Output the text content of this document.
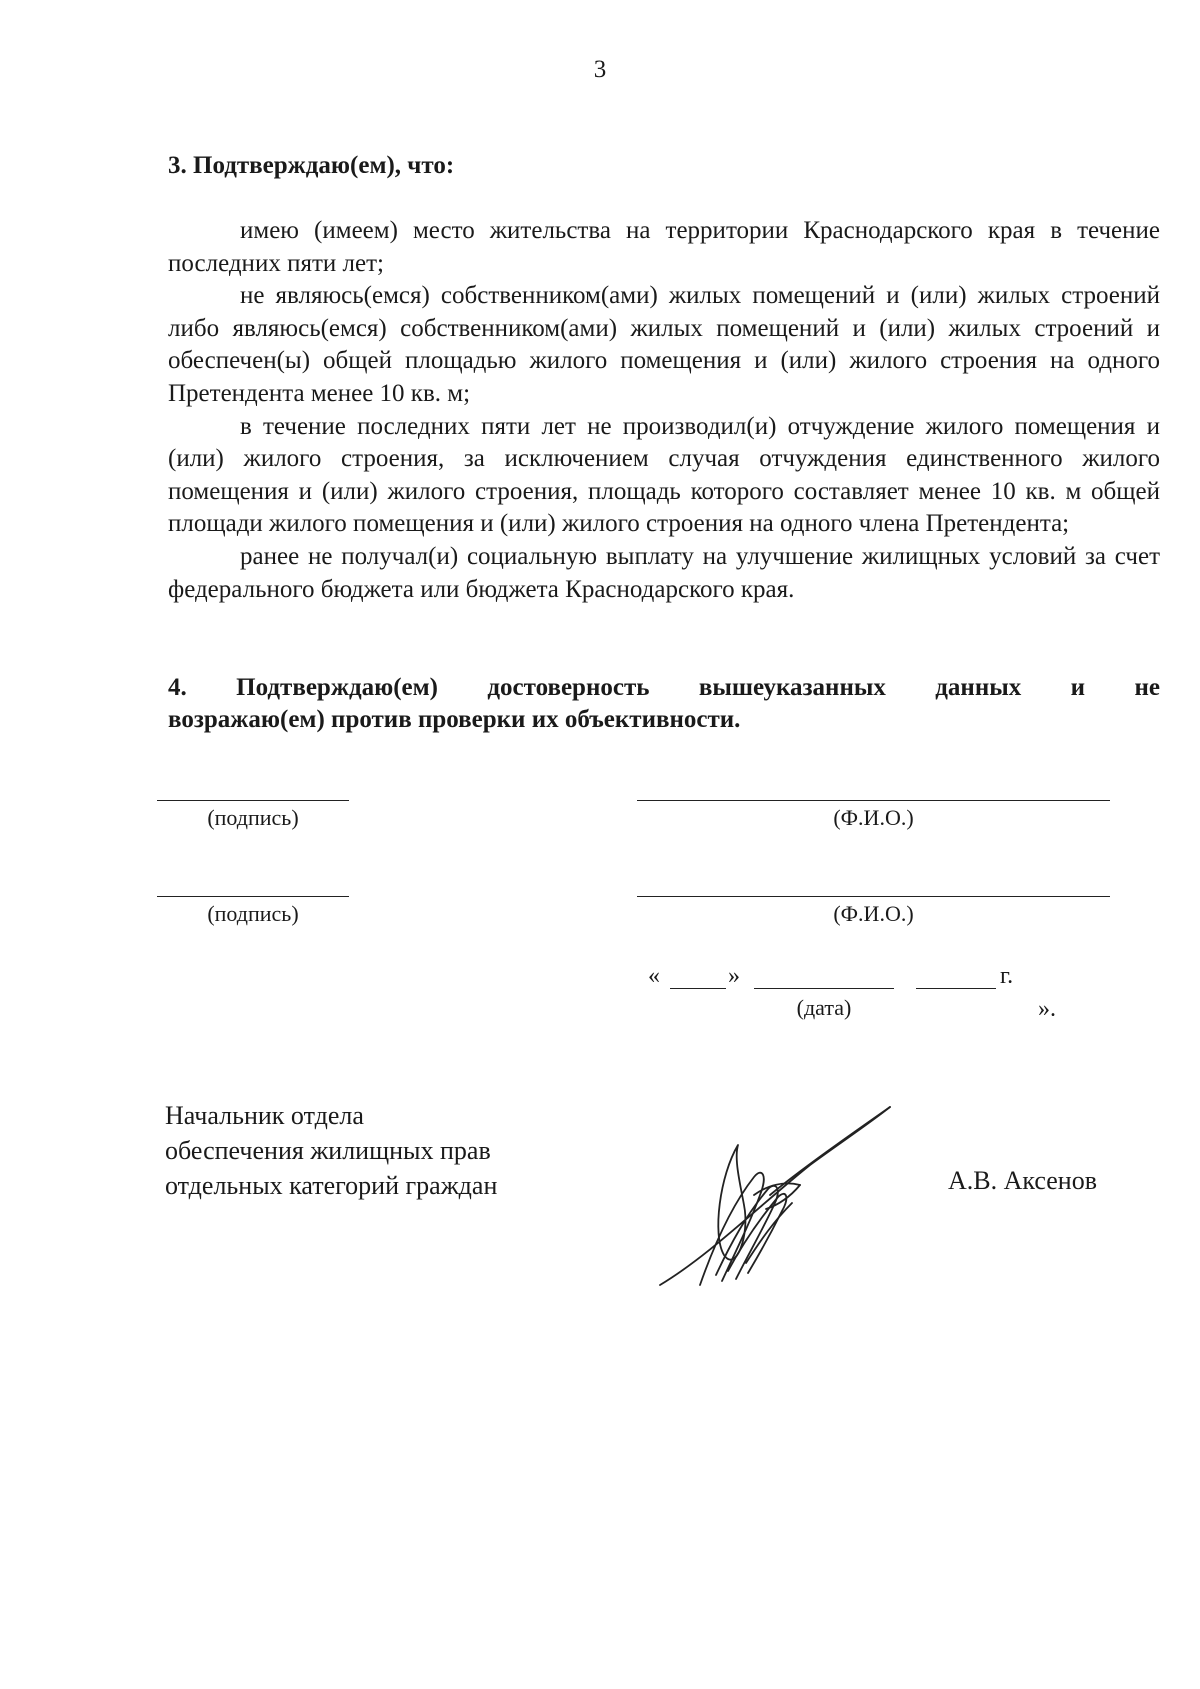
3
3. Подтверждаю(ем), что:

имею (имеем) место жительства на территории Краснодарского края в течение последних пяти лет;

не являюсь(емся) собственником(ами) жилых помещений и (или) жилых строений либо являюсь(емся) собственником(ами) жилых помещений и (или) жилых строений и обеспечен(ы) общей площадью жилого помещения и (или) жилого строения на одного Претендента менее 10 кв. м;

в течение последних пяти лет не производил(и) отчуждение жилого помещения и (или) жилого строения, за исключением случая отчуждения единственного жилого помещения и (или) жилого строения, площадь которого составляет менее 10 кв. м общей площади жилого помещения и (или) жилого строения на одного члена Претендента;

ранее не получал(и) социальную выплату на улучшение жилищных условий за счет федерального бюджета или бюджета Краснодарского края.

4. Подтверждаю(ем) достоверность вышеуказанных данных и не
возражаю(ем) против проверки их объективности.
(подпись)	(Ф.И.О.)
(подпись)	(Ф.И.О.)
«	»	г.
(дата)	».
Начальник отдела
обеспечения жилищных прав
отдельных категорий граждан	А.В. Аксенов
